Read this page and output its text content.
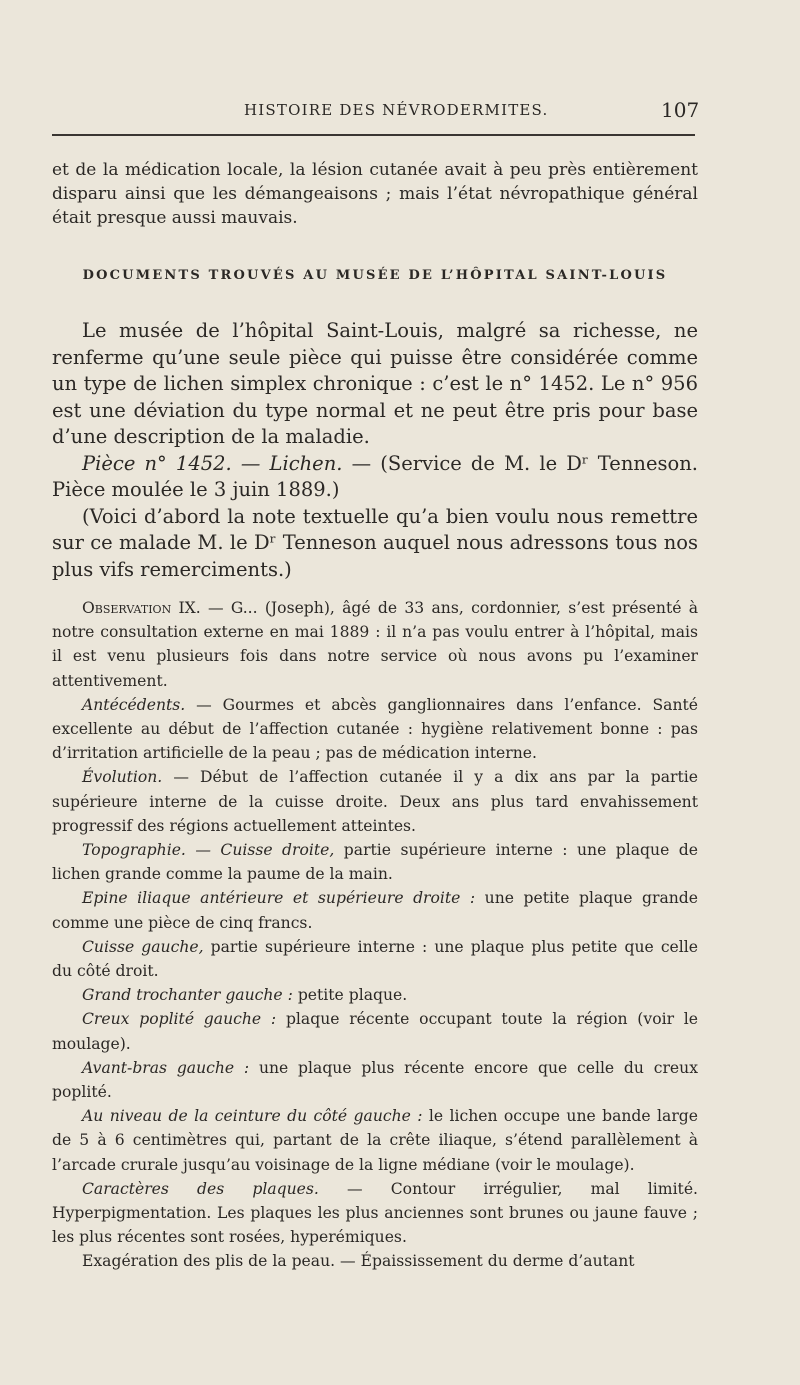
HISTOIRE DES NÉVRODERMITES.	107

et de la médication locale, la lésion cutanée avait à peu près entièrement disparu ainsi que les démangeaisons ; mais l’état névropathique général était presque aussi mauvais.

DOCUMENTS TROUVÉS AU MUSÉE DE L’HÔPITAL SAINT-LOUIS

Le musée de l’hôpital Saint-Louis, malgré sa richesse, ne renferme qu’une seule pièce qui puisse être considérée comme un type de lichen simplex chronique : c’est le n° 1452. Le n° 956 est une déviation du type normal et ne peut être pris pour base d’une description de la maladie.

Pièce n° 1452. — Lichen. — (Service de M. le Dʳ Tenneson. Pièce moulée le 3 juin 1889.)

(Voici d’abord la note textuelle qu’a bien voulu nous remettre sur ce malade M. le Dʳ Tenneson auquel nous adressons tous nos plus vifs remerciments.)

Observation IX. — G... (Joseph), âgé de 33 ans, cordonnier, s’est présenté à notre consultation externe en mai 1889 : il n’a pas voulu entrer à l’hôpital, mais il est venu plusieurs fois dans notre service où nous avons pu l’examiner attentivement.

Antécédents. — Gourmes et abcès ganglionnaires dans l’enfance. Santé excellente au début de l’affection cutanée : hygiène relativement bonne : pas d’irritation artificielle de la peau ; pas de médication interne.

Évolution. — Début de l’affection cutanée il y a dix ans par la partie supérieure interne de la cuisse droite. Deux ans plus tard envahissement progressif des régions actuellement atteintes.

Topographie. — Cuisse droite, partie supérieure interne : une plaque de lichen grande comme la paume de la main.

Epine iliaque antérieure et supérieure droite : une petite plaque grande comme une pièce de cinq francs.

Cuisse gauche, partie supérieure interne : une plaque plus petite que celle du côté droit.

Grand trochanter gauche : petite plaque.

Creux poplité gauche : plaque récente occupant toute la région (voir le moulage).

Avant-bras gauche : une plaque plus récente encore que celle du creux poplité.

Au niveau de la ceinture du côté gauche : le lichen occupe une bande large de 5 à 6 centimètres qui, partant de la crête iliaque, s’étend parallèlement à l’arcade crurale jusqu’au voisinage de la ligne médiane (voir le moulage).

Caractères des plaques. — Contour irrégulier, mal limité. Hyperpigmentation. Les plaques les plus anciennes sont brunes ou jaune fauve ; les plus récentes sont rosées, hyperémiques.

Exagération des plis de la peau. — Épaississement du derme d’autant
